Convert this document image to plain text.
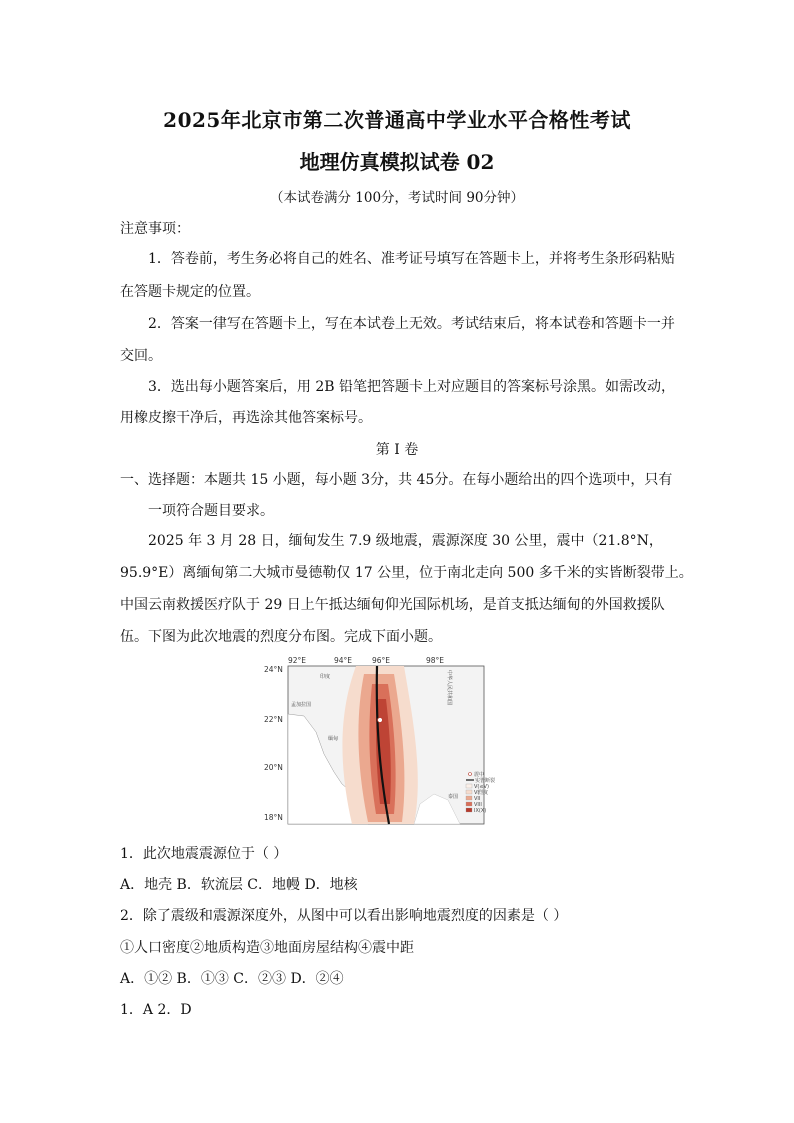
2025年北京市第二次普通高中学业水平合格性考试
地理仿真模拟试卷 02
（本试卷满分 100分，考试时间 90分钟）
注意事项：
1．答卷前，考生务必将自己的姓名、准考证号填写在答题卡上，并将考生条形码粘贴
在答题卡规定的位置。
2．答案一律写在答题卡上，写在本试卷上无效。考试结束后，将本试卷和答题卡一并
交回。
3．选出每小题答案后，用 2B 铅笔把答题卡上对应题目的答案标号涂黑。如需改动，
用橡皮擦干净后，再选涂其他答案标号。
第 I 卷
一、选择题：本题共 15 小题，每小题 3分，共 45分。在每小题给出的四个选项中，只有
一项符合题目要求。
2025 年 3 月 28 日，缅甸发生 7.9 级地震，震源深度 30 公里，震中（21.8°N，
95.9°E）离缅甸第二大城市曼德勒仅 17 公里，位于南北走向 500 多千米的实皆断裂带上。
中国云南救援医疗队于 29 日上午抵达缅甸仰光国际机场，是首支抵达缅甸的外国救援队
伍。下图为此次地震的烈度分布图。完成下面小题。
92°E	94°E	96°E	98°E
24°N
22°N
20°N
18°N
印度
孟加拉国
缅甸
中华人民共和国
泰国
震中
实皆断裂
V(≤V)
VI
VII
VIII
IX(X)
烈度
1．此次地震震源位于（ ）
A．地壳 B．软流层 C．地幔 D．地核
2．除了震级和震源深度外，从图中可以看出影响地震烈度的因素是（ ）
①人口密度②地质构造③地面房屋结构④震中距
A．①② B．①③ C．②③ D．②④
1．A 2．D
